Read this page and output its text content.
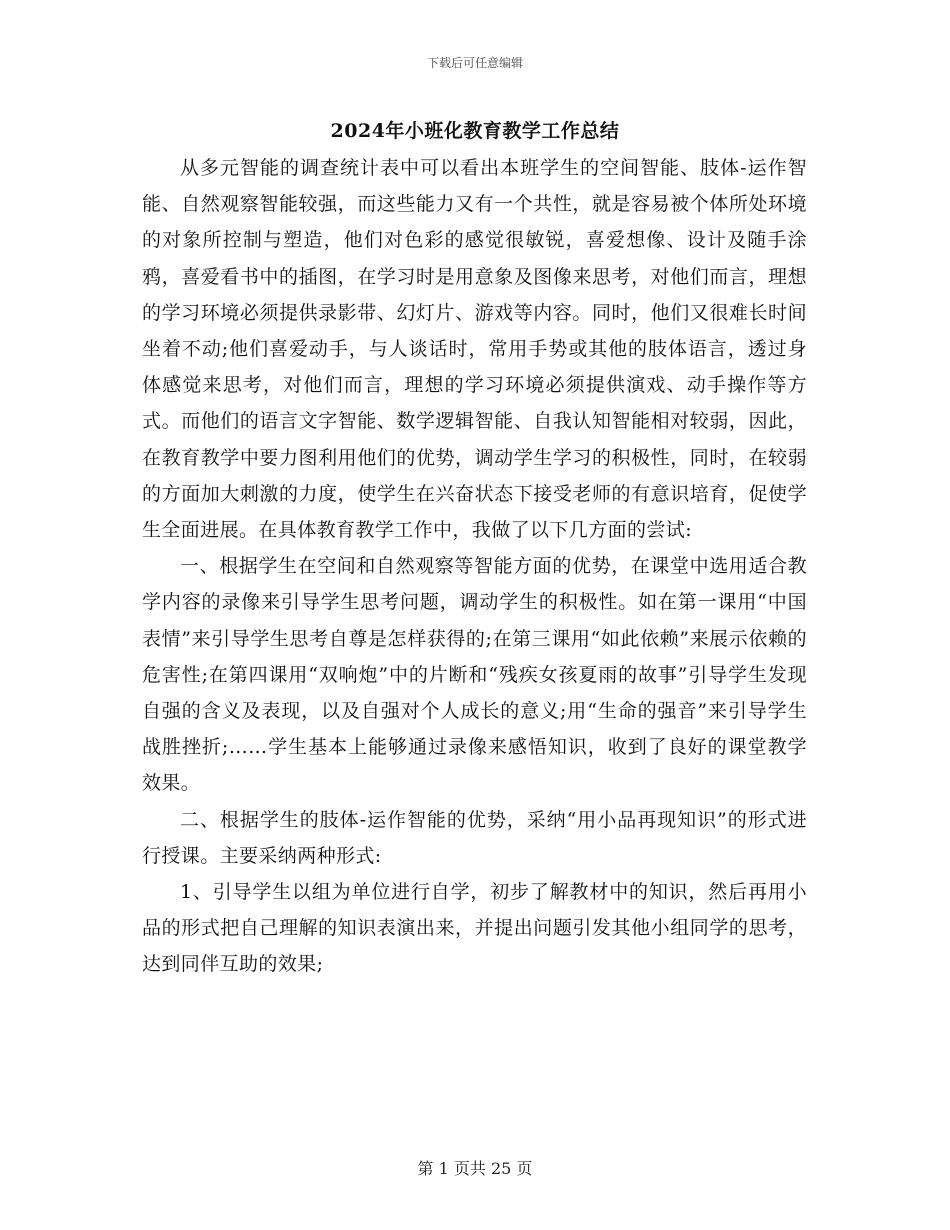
下载后可任意编辑
2024年小班化教育教学工作总结

从多元智能的调查统计表中可以看出本班学生的空间智能、肢体-运作智能、自然观察智能较强，而这些能力又有一个共性，就是容易被个体所处环境的对象所控制与塑造，他们对色彩的感觉很敏锐，喜爱想像、设计及随手涂鸦，喜爱看书中的插图，在学习时是用意象及图像来思考，对他们而言，理想的学习环境必须提供录影带、幻灯片、游戏等内容。同时，他们又很难长时间坐着不动;他们喜爱动手，与人谈话时，常用手势或其他的肢体语言，透过身体感觉来思考，对他们而言，理想的学习环境必须提供演戏、动手操作等方式。而他们的语言文字智能、数学逻辑智能、自我认知智能相对较弱，因此，在教育教学中要力图利用他们的优势，调动学生学习的积极性，同时，在较弱的方面加大刺激的力度，使学生在兴奋状态下接受老师的有意识培育，促使学生全面进展。在具体教育教学工作中，我做了以下几方面的尝试:

一、根据学生在空间和自然观察等智能方面的优势，在课堂中选用适合教学内容的录像来引导学生思考问题，调动学生的积极性。如在第一课用“中国表情”来引导学生思考自尊是怎样获得的;在第三课用“如此依赖”来展示依赖的危害性;在第四课用“双响炮”中的片断和“残疾女孩夏雨的故事”引导学生发现自强的含义及表现，以及自强对个人成长的意义;用“生命的强音”来引导学生战胜挫折;……学生基本上能够通过录像来感悟知识，收到了良好的课堂教学效果。

二、根据学生的肢体-运作智能的优势，采纳“用小品再现知识”的形式进行授课。主要采纳两种形式:

1、引导学生以组为单位进行自学，初步了解教材中的知识，然后再用小品的形式把自己理解的知识表演出来，并提出问题引发其他小组同学的思考，达到同伴互助的效果;

第 1 页共 25 页
